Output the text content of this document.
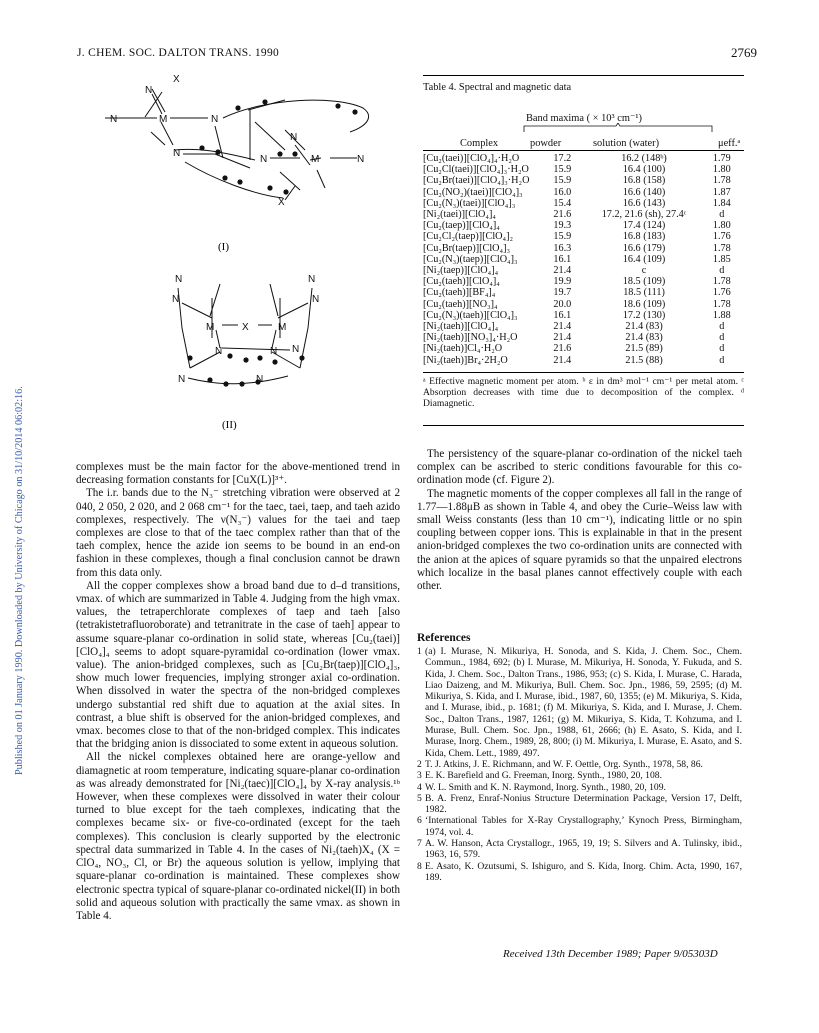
Published on 01 January 1990. Downloaded by University of Chicago on 31/10/2014 06:02:16.
J. CHEM. SOC. DALTON TRANS. 1990	2769
X
N
M
N	N
N
N
M
N	N
X
(I)
N	N
N
M	X	M
N
N	N N
N	N
(II)
Table 4. Spectral and magnetic data
Band maxima ( × 10³ cm⁻¹)
Complex	powder	solution (water)	μeff.ᵃ
[Cu₂(taei)][ClO₄]₄·H₂O	17.2	16.2 (148ᵇ)	1.79
[Cu₂Cl(taei)][ClO₄]₃·H₂O	15.9	16.4 (100)	1.80
[Cu₂Br(taei)][ClO₄]₃·H₂O	15.9	16.8 (158)	1.78
[Cu₂(NO₂)(taei)][ClO₄]₃	16.0	16.6 (140)	1.87
[Cu₂(N₃)(taei)][ClO₄]₃	15.4	16.6 (143)	1.84
[Ni₂(taei)][ClO₄]₄	21.6	17.2, 21.6 (sh), 27.4ᶜ	d
[Cu₂(taep)][ClO₄]₄	19.3	17.4 (124)	1.80
[Cu₂Cl₂(taep)][ClO₄]₂	15.9	16.8 (183)	1.76
[Cu₂Br(taep)][ClO₄]₃	16.3	16.6 (179)	1.78
[Cu₂(N₃)(taep)][ClO₄]₃	16.1	16.4 (109)	1.85
[Ni₂(taep)][ClO₄]₄	21.4	c	d
[Cu₂(taeh)][ClO₄]₄	19.9	18.5 (109)	1.78
[Cu₂(taeh)][BF₄]₄	19.7	18.5 (111)	1.76
[Cu₂(taeh)][NO₃]₄	20.0	18.6 (109)	1.78
[Cu₂(N₃)(taeh)][ClO₄]₃	16.1	17.2 (130)	1.88
[Ni₂(taeh)][ClO₄]₄	21.4	21.4 (83)	d
[Ni₂(taeh)][NO₃]₄·H₂O	21.4	21.4 (83)	d
[Ni₂(taeh)]Cl₄·H₂O	21.6	21.5 (89)	d
[Ni₂(taeh)]Br₄·2H₂O	21.4	21.5 (88)	d
ᵃ Effective magnetic moment per atom. ᵇ ε in dm³ mol⁻¹ cm⁻¹ per metal atom. ᶜ Absorption decreases with time due to decomposition of the complex. ᵈ Diamagnetic.

complexes must be the main factor for the above-mentioned trend in decreasing formation constants for [CuX(L)]³⁺.

The i.r. bands due to the N₃⁻ stretching vibration were observed at 2 040, 2 050, 2 020, and 2 068 cm⁻¹ for the taec, taei, taep, and taeh azido complexes, respectively. The ν(N₃⁻) values for the taei and taep complexes are close to that of the taec complex rather than that of the taeh complex, hence the azide ion seems to be bound in an end-on fashion in these complexes, though a final conclusion cannot be drawn from this data only.

All the copper complexes show a broad band due to d–d transitions, νmax. of which are summarized in Table 4. Judging from the high νmax. values, the tetraperchlorate complexes of taep and taeh [also (tetrakistetrafluoroborate) and tetranitrate in the case of taeh] appear to assume square-planar co-ordination in solid state, whereas [Cu₂(taei)][ClO₄]₄ seems to adopt square-pyramidal co-ordination (lower νmax. value). The anion-bridged complexes, such as [Cu₂Br(taep)][ClO₄]₃, show much lower frequencies, implying stronger axial co-ordination. When dissolved in water the spectra of the non-bridged complexes undergo substantial red shift due to aquation at the axial sites. In contrast, a blue shift is observed for the anion-bridged complexes, and νmax. becomes close to that of the non-bridged complex. This indicates that the bridging anion is dissociated to some extent in aqueous solution.

All the nickel complexes obtained here are orange-yellow and diamagnetic at room temperature, indicating square-planar co-ordination as was already demonstrated for [Ni₂(taec)][ClO₄]₄ by X-ray analysis.¹ᵇ However, when these complexes were dissolved in water their colour turned to blue except for the taeh complexes, indicating that the complexes became six- or five-co-ordinated (except for the taeh complexes). This conclusion is clearly supported by the electronic spectral data summarized in Table 4. In the cases of Ni₂(taeh)X₄ (X = ClO₄, NO₃, Cl, or Br) the aqueous solution is yellow, implying that square-planar co-ordination is maintained. These complexes show electronic spectra typical of square-planar co-ordinated nickel(II) in both solid and aqueous solution with practically the same νmax. as shown in Table 4.

The persistency of the square-planar co-ordination of the nickel taeh complex can be ascribed to steric conditions favourable for this co-ordination mode (cf. Figure 2).

The magnetic moments of the copper complexes all fall in the range of 1.77—1.88μB as shown in Table 4, and obey the Curie–Weiss law with small Weiss constants (less than 10 cm⁻¹), indicating little or no spin coupling between copper ions. This is explainable in that in the present anion-bridged complexes the two co-ordination units are connected with the anion at the apices of square pyramids so that the unpaired electrons which localize in the basal planes cannot effectively couple with each other.

References
1 (a) I. Murase, N. Mikuriya, H. Sonoda, and S. Kida, J. Chem. Soc., Chem. Commun., 1984, 692; (b) I. Murase, M. Mikuriya, H. Sonoda, Y. Fukuda, and S. Kida, J. Chem. Soc., Dalton Trans., 1986, 953; (c) S. Kida, I. Murase, C. Harada, Liao Daizeng, and M. Mikuriya, Bull. Chem. Soc. Jpn., 1986, 59, 2595; (d) M. Mikuriya, S. Kida, and I. Murase, ibid., 1987, 60, 1355; (e) M. Mikuriya, S. Kida, and I. Murase, ibid., p. 1681; (f) M. Mikuriya, S. Kida, and I. Murase, J. Chem. Soc., Dalton Trans., 1987, 1261; (g) M. Mikuriya, S. Kida, T. Kohzuma, and I. Murase, Bull. Chem. Soc. Jpn., 1988, 61, 2666; (h) E. Asato, S. Kida, and I. Murase, Inorg. Chem., 1989, 28, 800; (i) M. Mikuriya, I. Murase, E. Asato, and S. Kida, Chem. Lett., 1989, 497.
2 T. J. Atkins, J. E. Richmann, and W. F. Oettle, Org. Synth., 1978, 58, 86.
3 E. K. Barefield and G. Freeman, Inorg. Synth., 1980, 20, 108.
4 W. L. Smith and K. N. Raymond, Inorg. Synth., 1980, 20, 109.
5 B. A. Frenz, Enraf-Nonius Structure Determination Package, Version 17, Delft, 1982.
6 ‘International Tables for X-Ray Crystallography,’ Kynoch Press, Birmingham, 1974, vol. 4.
7 A. W. Hanson, Acta Crystallogr., 1965, 19, 19; S. Silvers and A. Tulinsky, ibid., 1963, 16, 579.
8 E. Asato, K. Ozutsumi, S. Ishiguro, and S. Kida, Inorg. Chim. Acta, 1990, 167, 189.
Received 13th December 1989; Paper 9/05303D
